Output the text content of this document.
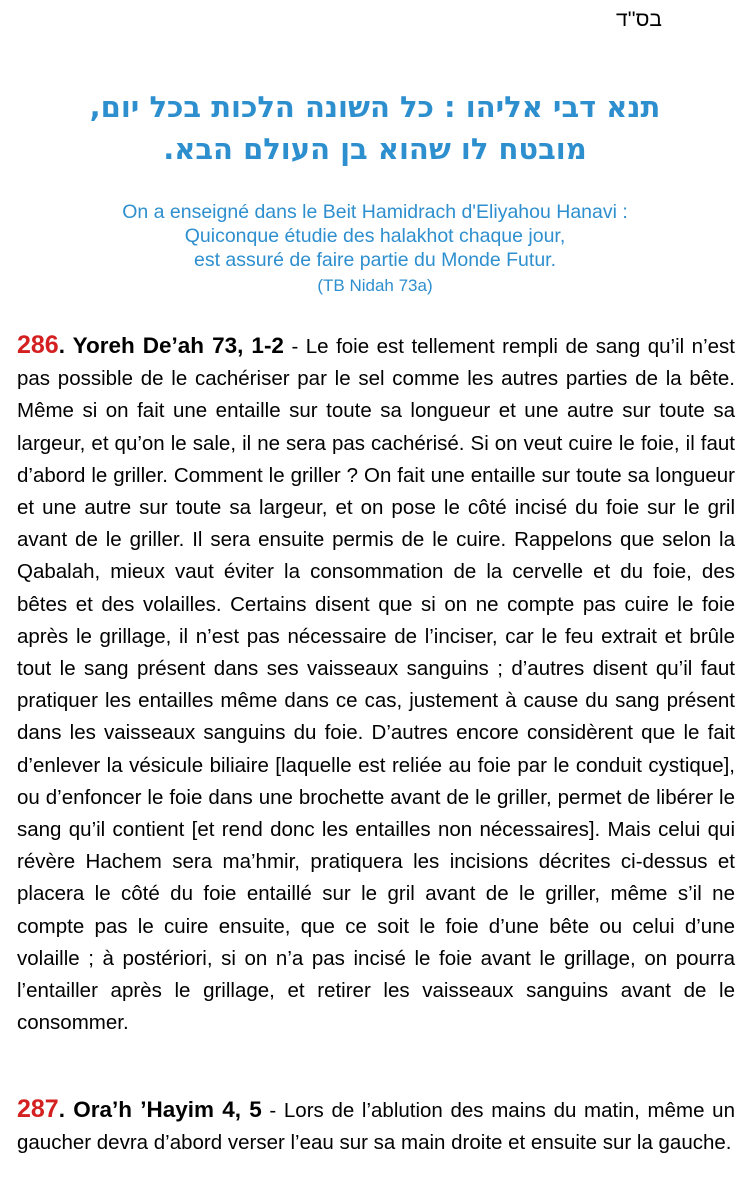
בס''ד
תנא דבי אליהו : כל השונה הלכות בכל יום,
מובטח לו שהוא בן העולם הבא.
On a enseigné dans le Beit Hamidrach d'Eliyahou Hanavi :
Quiconque étudie des halakhot chaque jour,
est assuré de faire partie du Monde Futur.
(TB Nidah 73a)
286. Yoreh De’ah 73, 1-2 - Le foie est tellement rempli de sang qu’il n’est pas possible de le cachériser par le sel comme les autres parties de la bête. Même si on fait une entaille sur toute sa longueur et une autre sur toute sa largeur, et qu’on le sale, il ne sera pas cachérisé. Si on veut cuire le foie, il faut d’abord le griller. Comment le griller ? On fait une entaille sur toute sa longueur et une autre sur toute sa largeur, et on pose le côté incisé du foie sur le gril avant de le griller. Il sera ensuite permis de le cuire. Rappelons que selon la Qabalah, mieux vaut éviter la consommation de la cervelle et du foie, des bêtes et des volailles. Certains disent que si on ne compte pas cuire le foie après le grillage, il n’est pas nécessaire de l’inciser, car le feu extrait et brûle tout le sang présent dans ses vaisseaux sanguins ; d’autres disent qu’il faut pratiquer les entailles même dans ce cas, justement à cause du sang présent dans les vaisseaux sanguins du foie. D’autres encore considèrent que le fait d’enlever la vésicule biliaire [laquelle est reliée au foie par le conduit cystique], ou d’enfoncer le foie dans une brochette avant de le griller, permet de libérer le sang qu’il contient [et rend donc les entailles non nécessaires]. Mais celui qui révère Hachem sera ma’hmir, pratiquera les incisions décrites ci-dessus et placera le côté du foie entaillé sur le gril avant de le griller, même s’il ne compte pas le cuire ensuite, que ce soit le foie d’une bête ou celui d’une volaille ; à postériori, si on n’a pas incisé le foie avant le grillage, on pourra l’entailler après le grillage, et retirer les vaisseaux sanguins avant de le consommer.
287. Ora’h ’Hayim 4, 5 - Lors de l’ablution des mains du matin, même un gaucher devra d’abord verser l’eau sur sa main droite et ensuite sur la gauche.
